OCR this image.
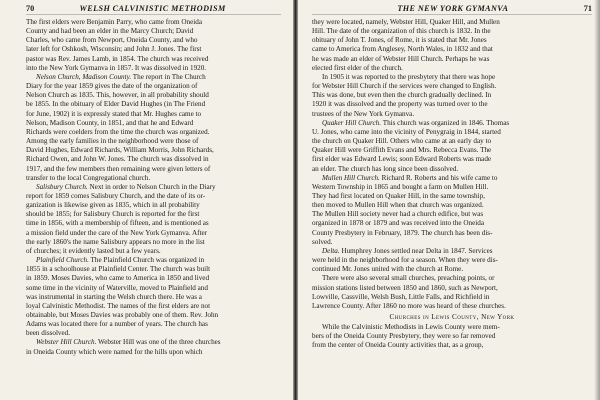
70	WELSH CALVINISTIC METHODISM

The first elders were Benjamin Parry, who came from Oneida

County and had been an elder in the Marcy Church; David

Charles, who came from Newport, Oneida County, and who

later left for Oshkosh, Wisconsin; and John J. Jones. The first

pastor was Rev. James Lamb, in 1854. The church was received

into the New York Gymanva in 1857. It was dissolved in 1920.

Nelson Church, Madison County. The report in The Church

Diary for the year 1859 gives the date of the organization of

Nelson Church as 1835. This, however, in all probability should

be 1855. In the obituary of Elder David Hughes (in The Friend

for June, 1902) it is expressly stated that Mr. Hughes came to

Nelson, Madison County, in 1851, and that he and Edward

Richards were coelders from the time the church was organized.

Among the early families in the neighborhood were those of

David Hughes, Edward Richards, William Morris, John Richards,

Richard Owen, and John W. Jones. The church was dissolved in

1917, and the few members then remaining were given letters of

transfer to the local Congregational church.

Salisbury Church. Next in order to Nelson Church in the Diary

report for 1859 comes Salisbury Church, and the date of its or-

ganization is likewise given as 1835, which in all probability

should be 1855; for Salisbury Church is reported for the first

time in 1856, with a membership of fifteen, and is mentioned as

a mission field under the care of the New York Gymanva. After

the early 1860's the name Salisbury appears no more in the list

of churches; it evidently lasted but a few years.

Plainfield Church. The Plainfield Church was organized in

1855 in a schoolhouse at Plainfield Center. The church was built

in 1859. Moses Davies, who came to America in 1850 and lived

some time in the vicinity of Waterville, moved to Plainfield and

was instrumental in starting the Welsh church there. He was a

loyal Calvinistic Methodist. The names of the first elders are not

obtainable, but Moses Davies was probably one of them. Rev. John

Adams was located there for a number of years. The church has

been dissolved.

Webster Hill Church. Webster Hill was one of the three churches

in Oneida County which were named for the hills upon which

THE NEW YORK GYMANVA	71

they were located, namely, Webster Hill, Quaker Hill, and Mullen

Hill. The date of the organization of this church is 1832. In the

obituary of John T. Jones, of Rome, it is stated that Mr. Jones

came to America from Anglesey, North Wales, in 1832 and that

he was made an elder of Webster Hill Church. Perhaps he was

elected first elder of the church.

In 1905 it was reported to the presbytery that there was hope

for Webster Hill Church if the services were changed to English.

This was done, but even then the church gradually declined. In

1920 it was dissolved and the property was turned over to the

trustees of the New York Gymanva.

Quaker Hill Church. This church was organized in 1846. Thomas

U. Jones, who came into the vicinity of Penygraig in 1844, started

the church on Quaker Hill. Others who came at an early day to

Quaker Hill were Griffith Evans and Mrs. Rebecca Evans. The

first elder was Edward Lewis; soon Edward Roberts was made

an elder. The church has long since been dissolved.

Mullen Hill Church. Richard R. Roberts and his wife came to

Western Township in 1865 and bought a farm on Mullen Hill.

They had first located on Quaker Hill, in the same township,

then moved to Mullen Hill when that church was organized.

The Mullen Hill society never had a church edifice, but was

organized in 1878 or 1879 and was received into the Oneida

County Presbytery in February, 1879. The church has been dis-

solved.

Delta. Humphrey Jones settled near Delta in 1847. Services

were held in the neighborhood for a season. When they were dis-

continued Mr. Jones united with the church at Rome.

There were also several small churches, preaching points, or

mission stations listed between 1850 and 1860, such as Newport,

Lowville, Cassville, Welsh Bush, Little Falls, and Richfield in

Lawrence County. After 1860 no more was heard of these churches.

Churches in Lewis County, New York

While the Calvinistic Methodists in Lewis County were mem-

bers of the Oneida County Presbytery, they were so far removed

from the center of Oneida County activities that, as a group,
